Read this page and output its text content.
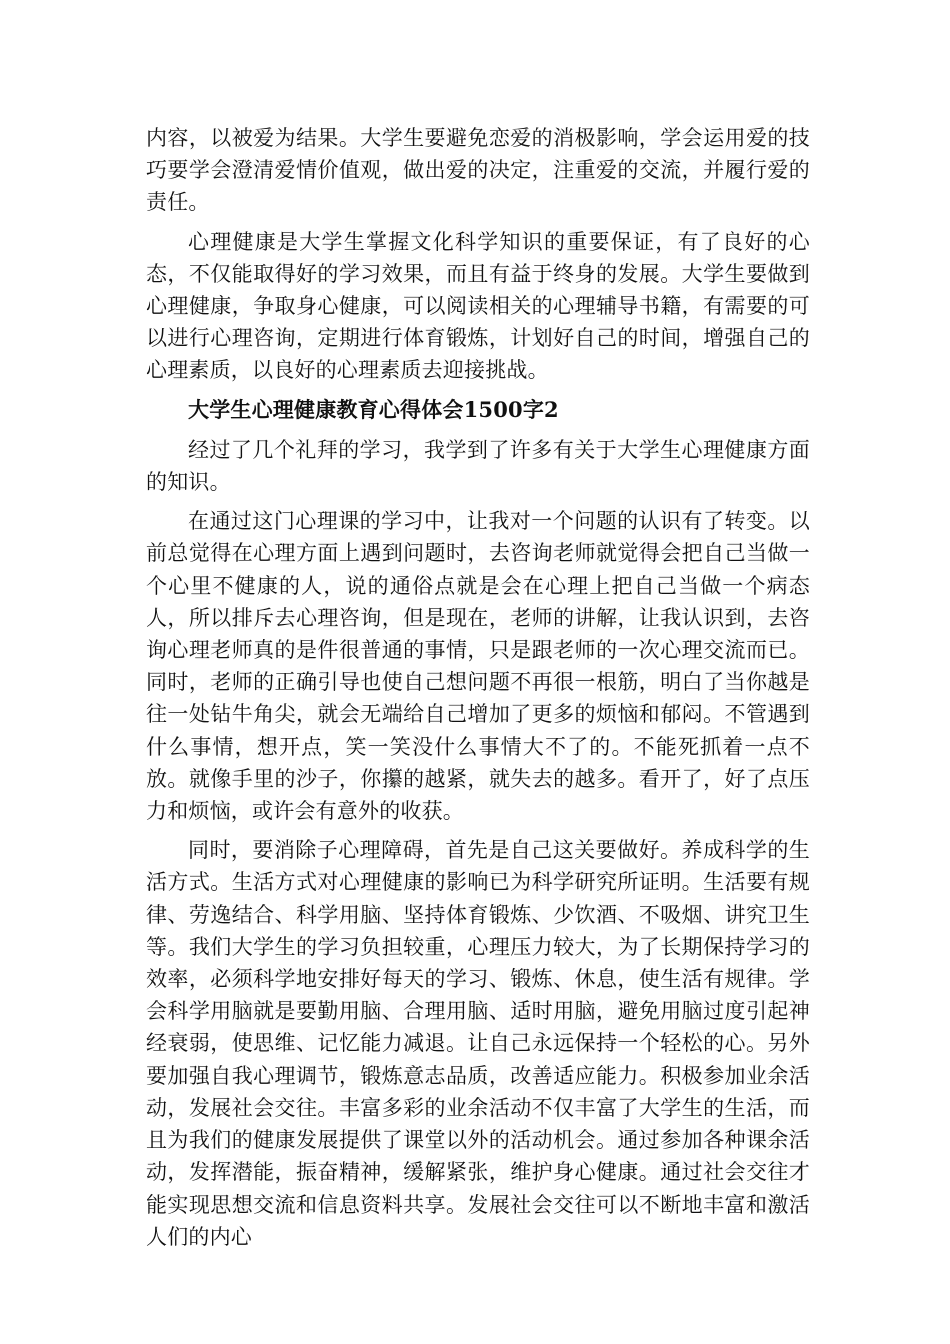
内容，以被爱为结果。大学生要避免恋爱的消极影响，学会运用爱的技巧要学会澄清爱情价值观，做出爱的决定，注重爱的交流，并履行爱的责任。

心理健康是大学生掌握文化科学知识的重要保证，有了良好的心态，不仅能取得好的学习效果，而且有益于终身的发展。大学生要做到心理健康，争取身心健康，可以阅读相关的心理辅导书籍，有需要的可以进行心理咨询，定期进行体育锻炼，计划好自己的时间，增强自己的心理素质，以良好的心理素质去迎接挑战。

大学生心理健康教育心得体会1500字2

经过了几个礼拜的学习，我学到了许多有关于大学生心理健康方面的知识。

在通过这门心理课的学习中，让我对一个问题的认识有了转变。以前总觉得在心理方面上遇到问题时，去咨询老师就觉得会把自己当做一个心里不健康的人，说的通俗点就是会在心理上把自己当做一个病态人，所以排斥去心理咨询，但是现在，老师的讲解，让我认识到，去咨询心理老师真的是件很普通的事情，只是跟老师的一次心理交流而已。同时，老师的正确引导也使自己想问题不再很一根筋，明白了当你越是往一处钻牛角尖，就会无端给自己增加了更多的烦恼和郁闷。不管遇到什么事情，想开点，笑一笑没什么事情大不了的。不能死抓着一点不放。就像手里的沙子，你攥的越紧，就失去的越多。看开了，好了点压力和烦恼，或许会有意外的收获。

同时，要消除子心理障碍，首先是自己这关要做好。养成科学的生活方式。生活方式对心理健康的影响已为科学研究所证明。生活要有规律、劳逸结合、科学用脑、坚持体育锻炼、少饮酒、不吸烟、讲究卫生等。我们大学生的学习负担较重，心理压力较大，为了长期保持学习的效率，必须科学地安排好每天的学习、锻炼、休息，使生活有规律。学会科学用脑就是要勤用脑、合理用脑、适时用脑，避免用脑过度引起神经衰弱，使思维、记忆能力减退。让自己永远保持一个轻松的心。另外要加强自我心理调节，锻炼意志品质，改善适应能力。积极参加业余活动，发展社会交往。丰富多彩的业余活动不仅丰富了大学生的生活，而且为我们的健康发展提供了课堂以外的活动机会。通过参加各种课余活动，发挥潜能，振奋精神，缓解紧张，维护身心健康。通过社会交往才能实现思想交流和信息资料共享。发展社会交往可以不断地丰富和激活人们的内心
